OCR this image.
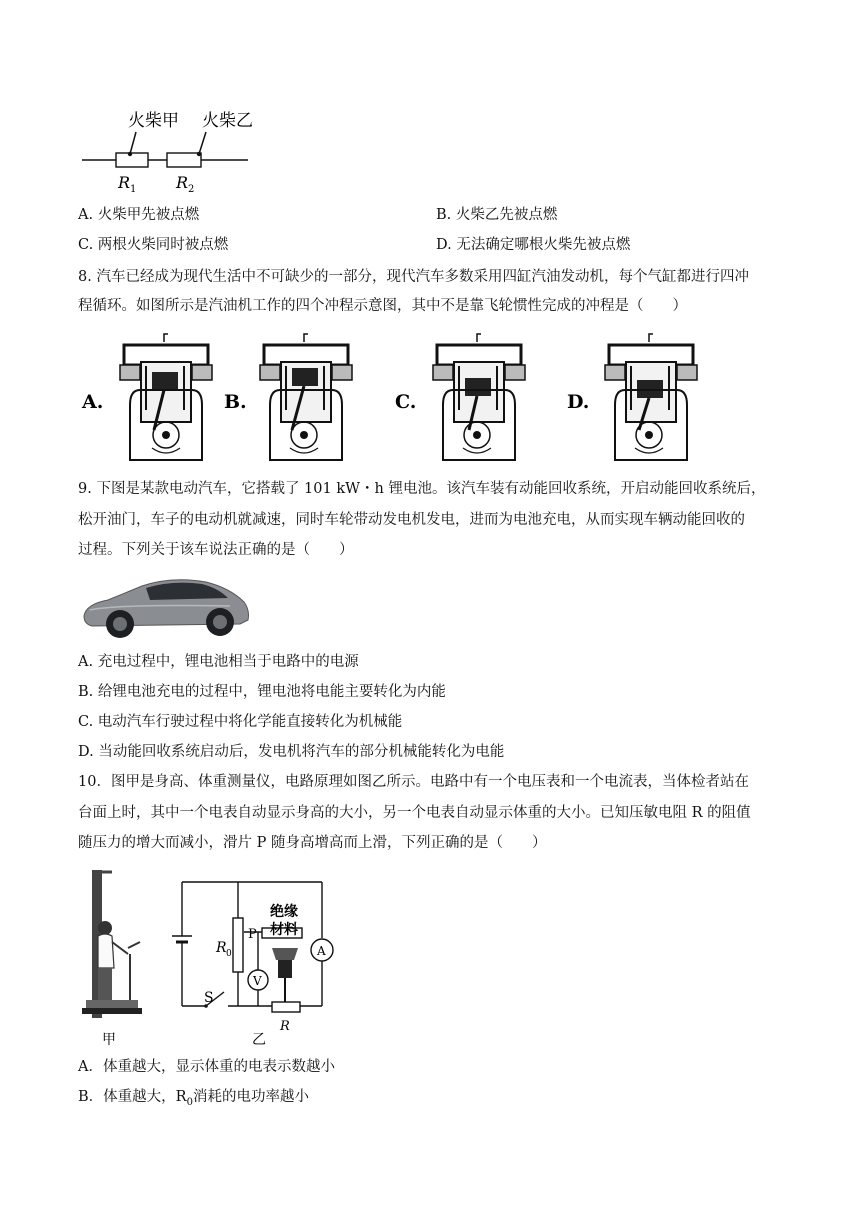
火柴甲 火柴乙
R 1 R 2
A. 火柴甲先被点燃	B. 火柴乙先被点燃
C. 两根火柴同时被点燃	D. 无法确定哪根火柴先被点燃
8. 汽车已经成为现代生活中不可缺少的一部分，现代汽车多数采用四缸汽油发动机，每个气缸都进行四冲
程循环。如图所示是汽油机工作的四个冲程示意图，其中不是靠飞轮惯性完成的冲程是（　　）
A.	B.	C.	D.
9. 下图是某款电动汽车，它搭载了 101 kW・h 锂电池。该汽车装有动能回收系统，开启动能回收系统后，
松开油门，车子的电动机就减速，同时车轮带动发电机发电，进而为电池充电，从而实现车辆动能回收的
过程。下列关于该车说法正确的是（　　）
A. 充电过程中，锂电池相当于电路中的电源
B. 给锂电池充电的过程中，锂电池将电能主要转化为内能
C. 电动汽车行驶过程中将化学能直接转化为机械能
D. 当动能回收系统启动后，发电机将汽车的部分机械能转化为电能
10．图甲是身高、体重测量仪，电路原理如图乙所示。电路中有一个电压表和一个电流表，当体检者站在
台面上时，其中一个电表自动显示身高的大小，另一个电表自动显示体重的大小。已知压敏电阻 R 的阻值
随压力的增大而减小，滑片 P 随身高增高而上滑，下列正确的是（　　）
甲
S
R 0
P
绝缘
材料
R
V
A
乙
A．体重越大，显示体重的电表示数越小
B．体重越大，$R_0$消耗的电功率越小
